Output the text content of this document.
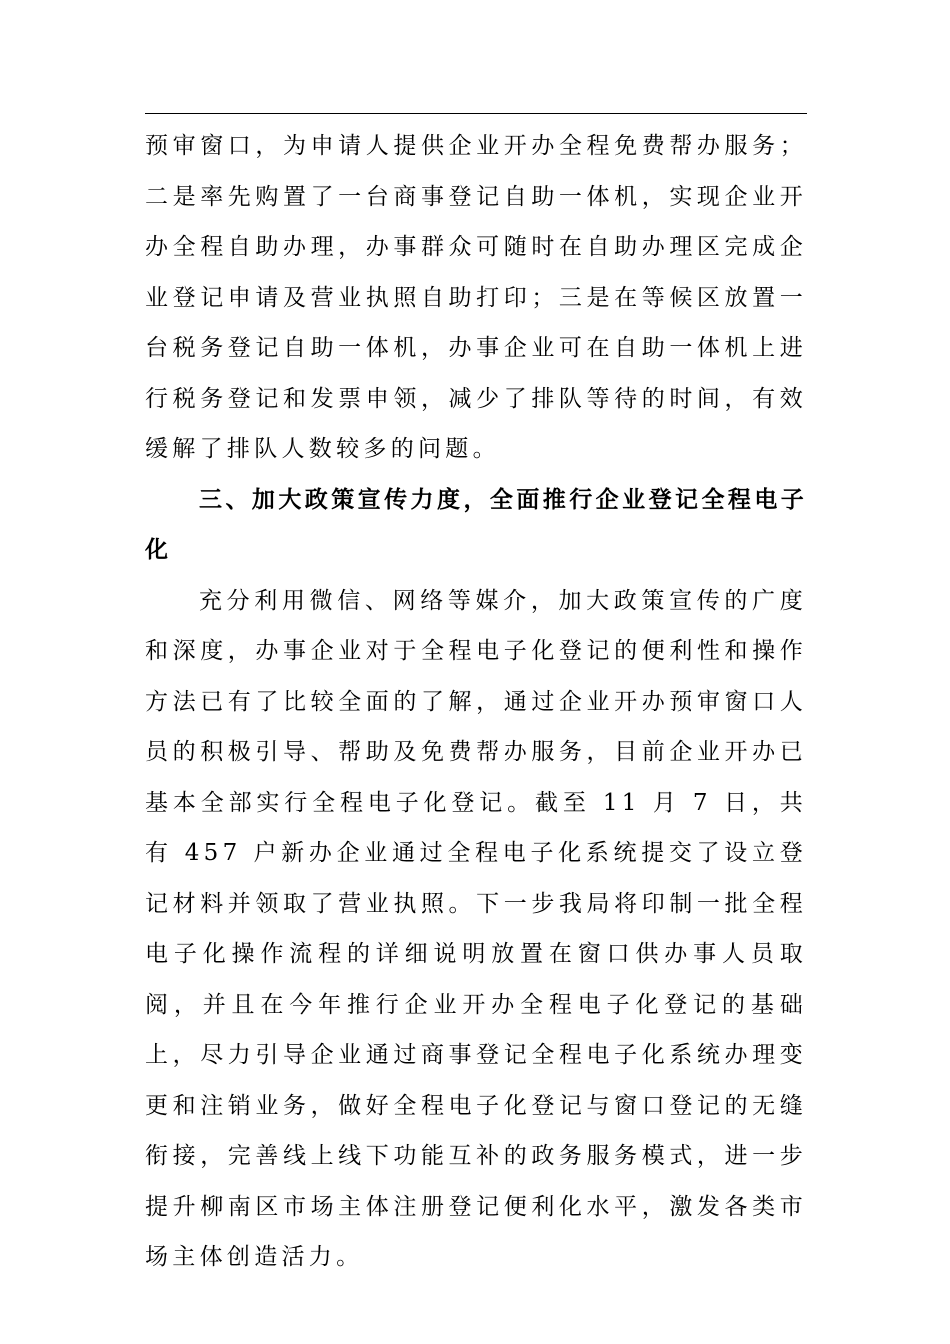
预审窗口，为申请人提供企业开办全程免费帮办服务；二是率先购置了一台商事登记自助一体机，实现企业开办全程自助办理，办事群众可随时在自助办理区完成企业登记申请及营业执照自助打印；三是在等候区放置一台税务登记自助一体机，办事企业可在自助一体机上进行税务登记和发票申领，减少了排队等待的时间，有效缓解了排队人数较多的问题。

三、加大政策宣传力度，全面推行企业登记全程电子化

充分利用微信、网络等媒介，加大政策宣传的广度和深度，办事企业对于全程电子化登记的便利性和操作方法已有了比较全面的了解，通过企业开办预审窗口人员的积极引导、帮助及免费帮办服务，目前企业开办已基本全部实行全程电子化登记。截至 11 月 7 日，共有 457 户新办企业通过全程电子化系统提交了设立登记材料并领取了营业执照。下一步我局将印制一批全程电子化操作流程的详细说明放置在窗口供办事人员取阅，并且在今年推行企业开办全程电子化登记的基础上，尽力引导企业通过商事登记全程电子化系统办理变更和注销业务，做好全程电子化登记与窗口登记的无缝衔接，完善线上线下功能互补的政务服务模式，进一步提升柳南区市场主体注册登记便利化水平，激发各类市场主体创造活力。
